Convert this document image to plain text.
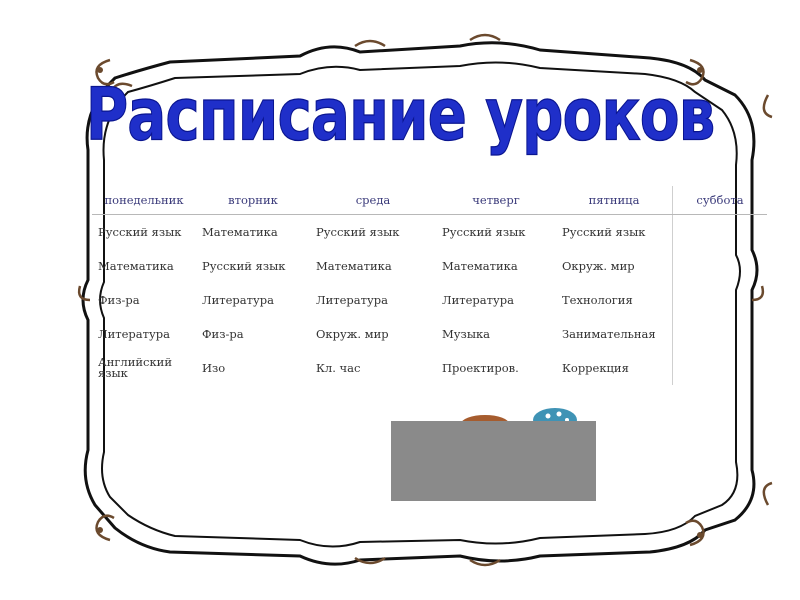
Расписание уроков
понедельник	вторник	среда	четверг	пятница	суббота
Русский язык	Математика	Русский язык	Русский язык	Русский язык	
Математика	Русский язык	Математика	Математика	Окруж. мир	
Физ-ра	Литература	Литература	Литература	Технология	
Литература	Физ-ра	Окруж. мир	Музыка	Занимательная	
Английский язык	Изо	Кл. час	Проектиров.	Коррекция	
